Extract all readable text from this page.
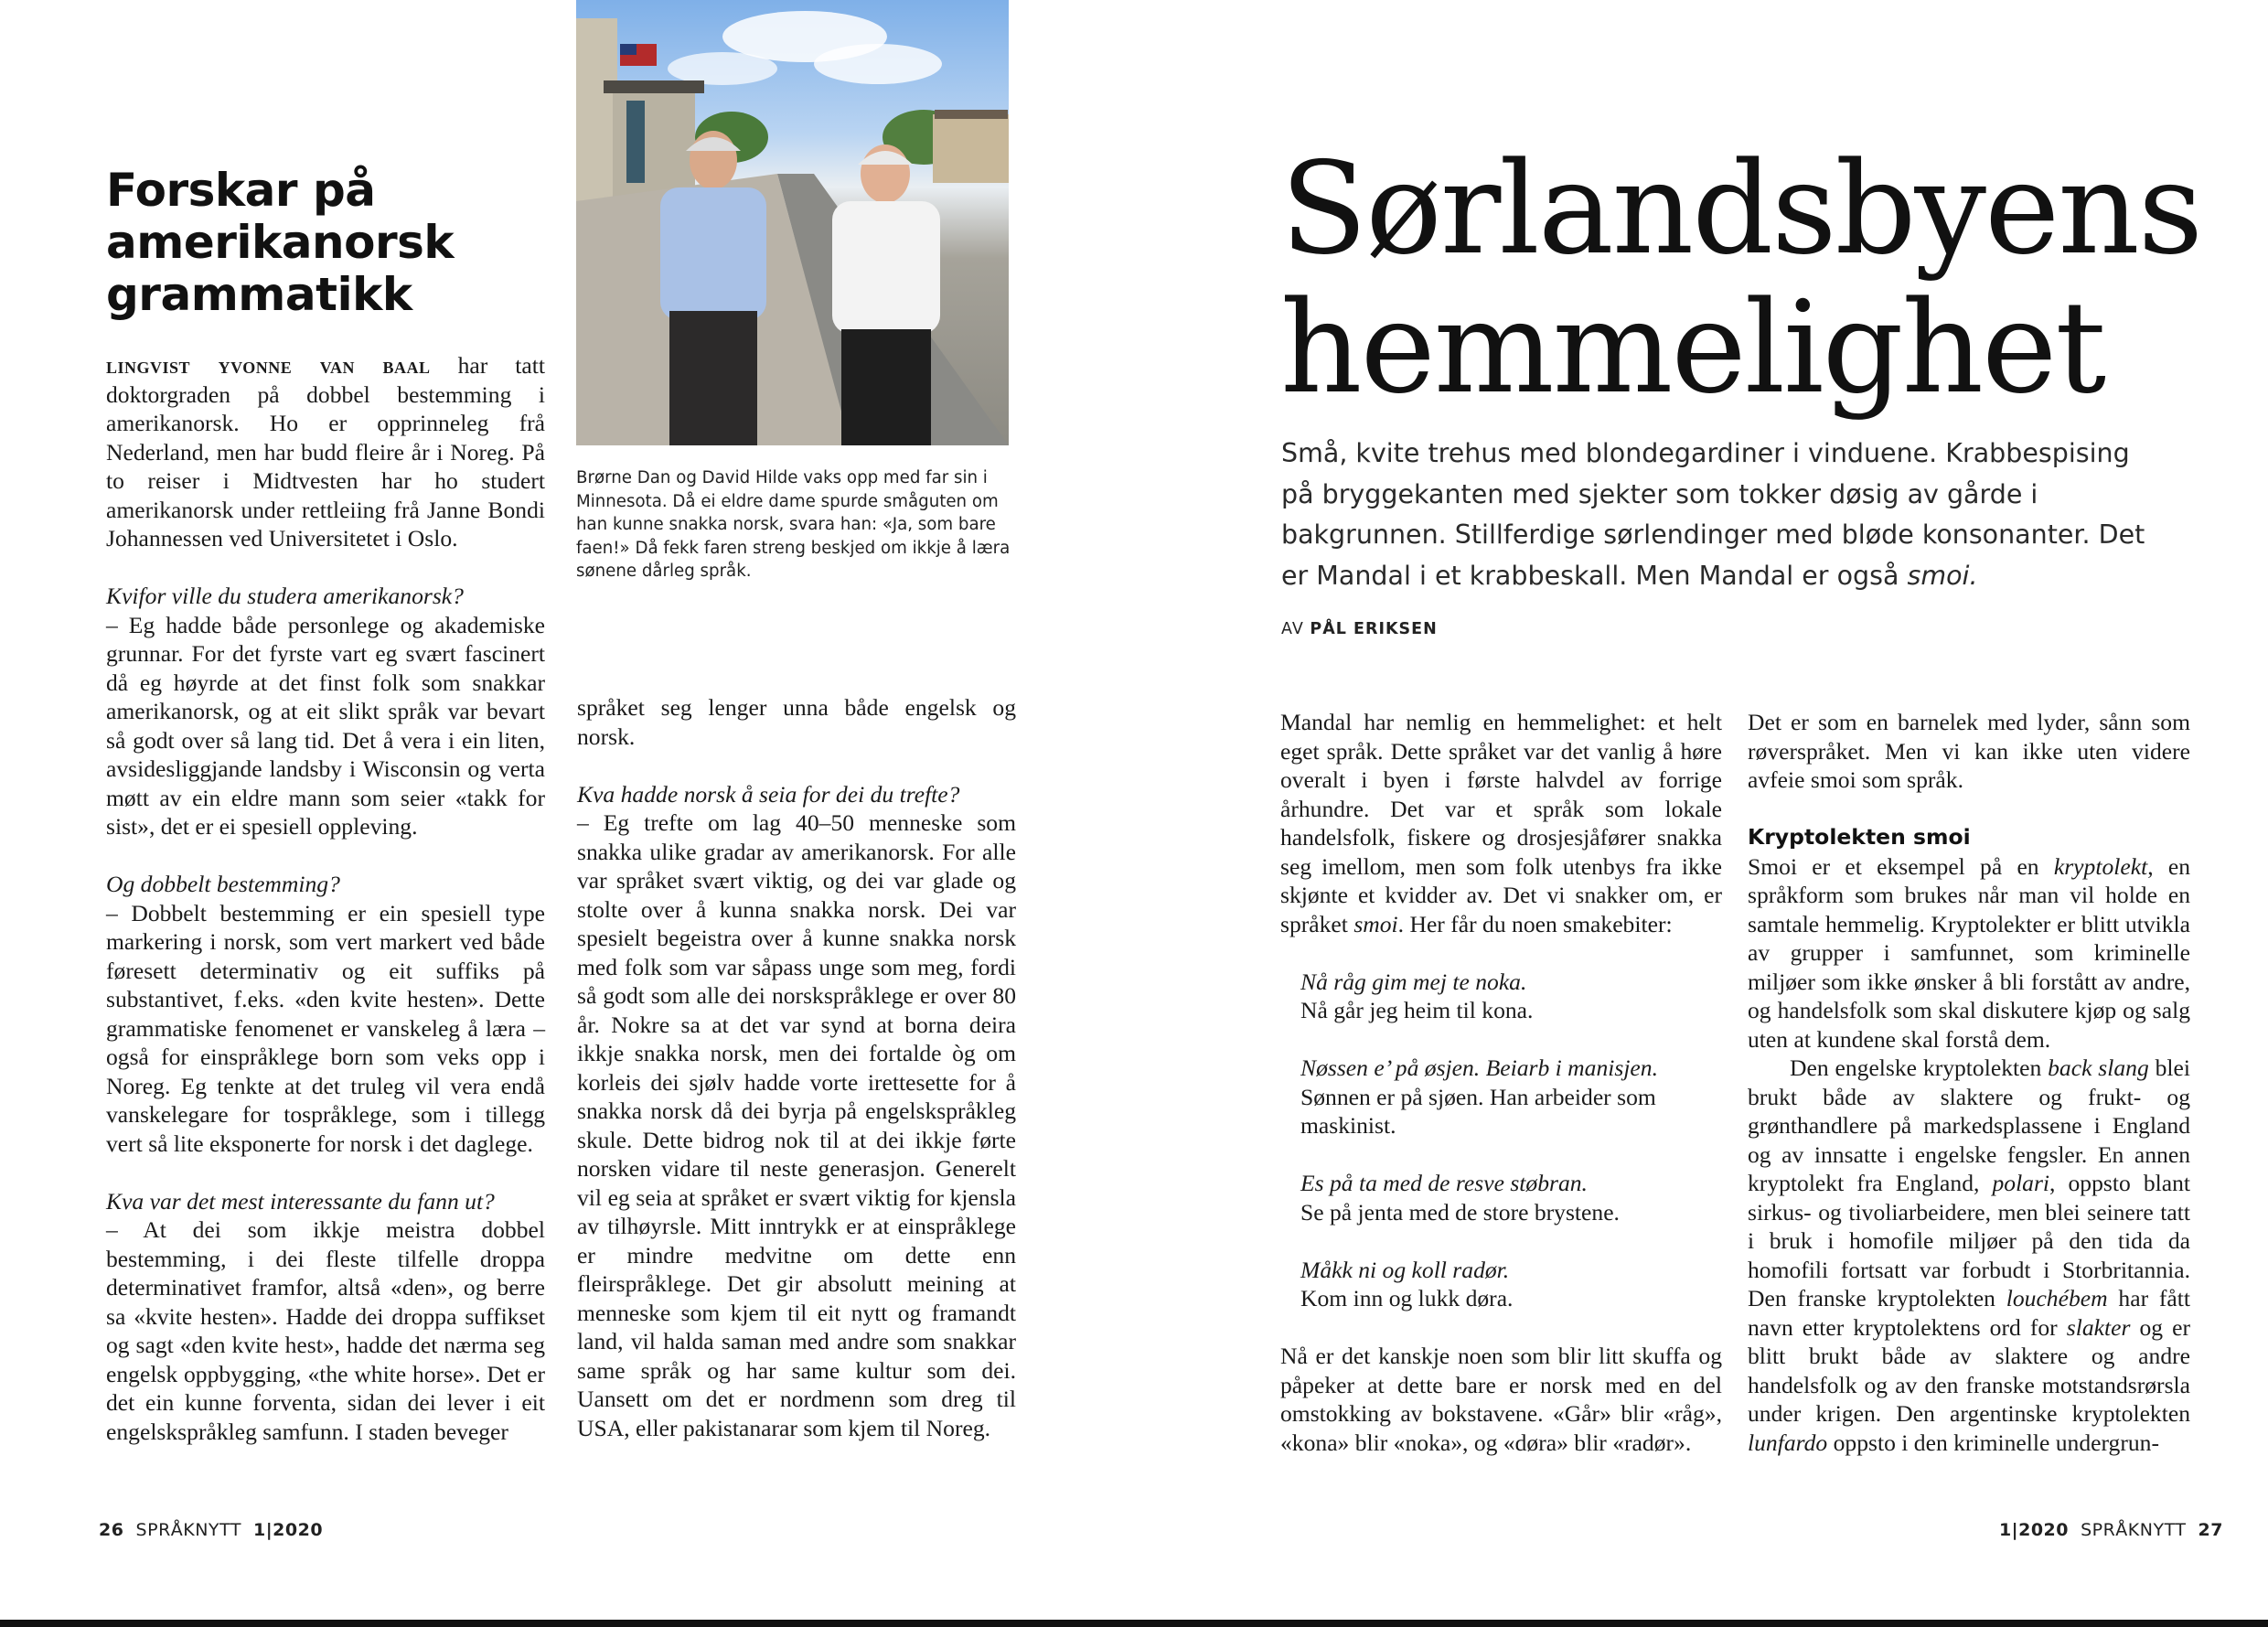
Forskar på amerikanorsk grammatikk

lingvist yvonne van baal har tatt doktorgraden på dobbel bestemming i amerikanorsk. Ho er opprinneleg frå Nederland, men har budd fleire år i Noreg. På to reiser i Midtvesten har ho studert amerikanorsk under rettleiing frå Janne Bondi Johannessen ved Universitetet i Oslo.

Kvifor ville du studera amerikanorsk?

– Eg hadde både personlege og akademiske grunnar. For det fyrste vart eg svært fascinert då eg høyrde at det finst folk som snakkar amerikanorsk, og at eit slikt språk var bevart så godt over så lang tid. Det å vera i ein liten, avsidesliggjande landsby i Wisconsin og verta møtt av ein eldre mann som seier «takk for sist», det er ei spesiell oppleving.

Og dobbelt bestemming?

– Dobbelt bestemming er ein spesiell type markering i norsk, som vert markert ved både føresett determinativ og eit suffiks på substantivet, f.eks. «den kvite hesten». Dette grammatiske fenomenet er vanskeleg å læra – også for einspråklege born som veks opp i Noreg. Eg tenkte at det truleg vil vera endå vanskelegare for tospråklege, som i tillegg vert så lite eksponerte for norsk i det daglege.

Kva var det mest interessante du fann ut?

– At dei som ikkje meistra dobbel bestemming, i dei fleste tilfelle droppa determinativet framfor, altså «den», og berre sa «kvite hesten». Hadde dei droppa suffikset og sagt «den kvite hest», hadde det nærma seg engelsk oppbygging, «the white horse». Det er det ein kunne forventa, sidan dei lever i eit engelskspråkleg samfunn. I staden beveger

Brørne Dan og David Hilde vaks opp med far sin i Minnesota. Då ei eldre dame spurde småguten om han kunne snakka norsk, svara han: «Ja, som bare faen!» Då fekk faren streng beskjed om ikkje å læra sønene dårleg språk.

språket seg lenger unna både engelsk og norsk.

Kva hadde norsk å seia for dei du trefte?

– Eg trefte om lag 40–50 menneske som snakka ulike gradar av amerikanorsk. For alle var språket svært viktig, og dei var glade og stolte over å kunna snakka norsk. Dei var spesielt begeistra over å kunne snakka norsk med folk som var såpass unge som meg, fordi så godt som alle dei norskspråklege er over 80 år. Nokre sa at det var synd at borna deira ikkje snakka norsk, men dei fortalde òg om korleis dei sjølv hadde vorte irettesette for å snakka norsk då dei byrja på engelskspråkleg skule. Dette bidrog nok til at dei ikkje førte norsken vidare til neste generasjon. Generelt vil eg seia at språket er svært viktig for kjensla av tilhøyrsle. Mitt inntrykk er at einspråklege er mindre medvitne om dette enn fleirspråklege. Det gir absolutt meining at menneske som kjem til eit nytt og framandt land, vil halda saman med andre som snakkar same språk og har same kultur som dei. Uansett om det er nordmenn som dreg til USA, eller pakistanarar som kjem til Noreg.

26 SPRÅKNYTT 1|2020
Sørlandsbyens
hemmelighet
Små, kvite trehus med blondegardiner i vinduene. Krabbespising på bryggekanten med sjekter som tokker døsig av gårde i bakgrunnen. Stillferdige sørlendinger med bløde konsonanter. Det er Mandal i et krabbeskall. Men Mandal er også smoi.
AV PÅL ERIKSEN

Mandal har nemlig en hemmelighet: et helt eget språk. Dette språket var det vanlig å høre overalt i byen i første halvdel av forrige århundre. Det var et språk som lokale handelsfolk, fiskere og drosjesjåfører snakka seg imellom, men som folk utenbys fra ikke skjønte et kvidder av. Det vi snakker om, er språket smoi. Her får du noen smakebiter:

Nå råg gim mej te noka.
Nå går jeg heim til kona.
Nøssen e’ på øsjen. Beiarb i manisjen.
Sønnen er på sjøen. Han arbeider som maskinist.
Es på ta med de resve støbran.
Se på jenta med de store brystene.
Måkk ni og koll radør.
Kom inn og lukk døra.

Nå er det kanskje noen som blir litt skuffa og påpeker at dette bare er norsk med en del omstokking av bokstavene. «Går» blir «råg», «kona» blir «noka», og «døra» blir «radør».

Det er som en barnelek med lyder, sånn som røverspråket. Men vi kan ikke uten videre avfeie smoi som språk.

Kryptolekten smoi

Smoi er et eksempel på en kryptolekt, en språkform som brukes når man vil holde en samtale hemmelig. Kryptolekter er blitt utvikla av grupper i samfunnet, som kriminelle miljøer som ikke ønsker å bli forstått av andre, og handelsfolk som skal diskutere kjøp og salg uten at kundene skal forstå dem.

Den engelske kryptolekten back slang blei brukt både av slaktere og frukt- og grønthandlere på markedsplassene i England og av innsatte i engelske fengsler. En annen kryptolekt fra England, polari, oppsto blant sirkus- og tivoliarbeidere, men blei seinere tatt i bruk i homofile miljøer på den tida da homofili fortsatt var forbudt i Storbritannia. Den franske kryptolekten louchébem har fått navn etter kryptolektens ord for slakter og er blitt brukt både av slaktere og andre handelsfolk og av den franske motstandsrørsla under krigen. Den argentinske kryptolekten lunfardo oppsto i den kriminelle undergrun-

1|2020 SPRÅKNYTT 27
